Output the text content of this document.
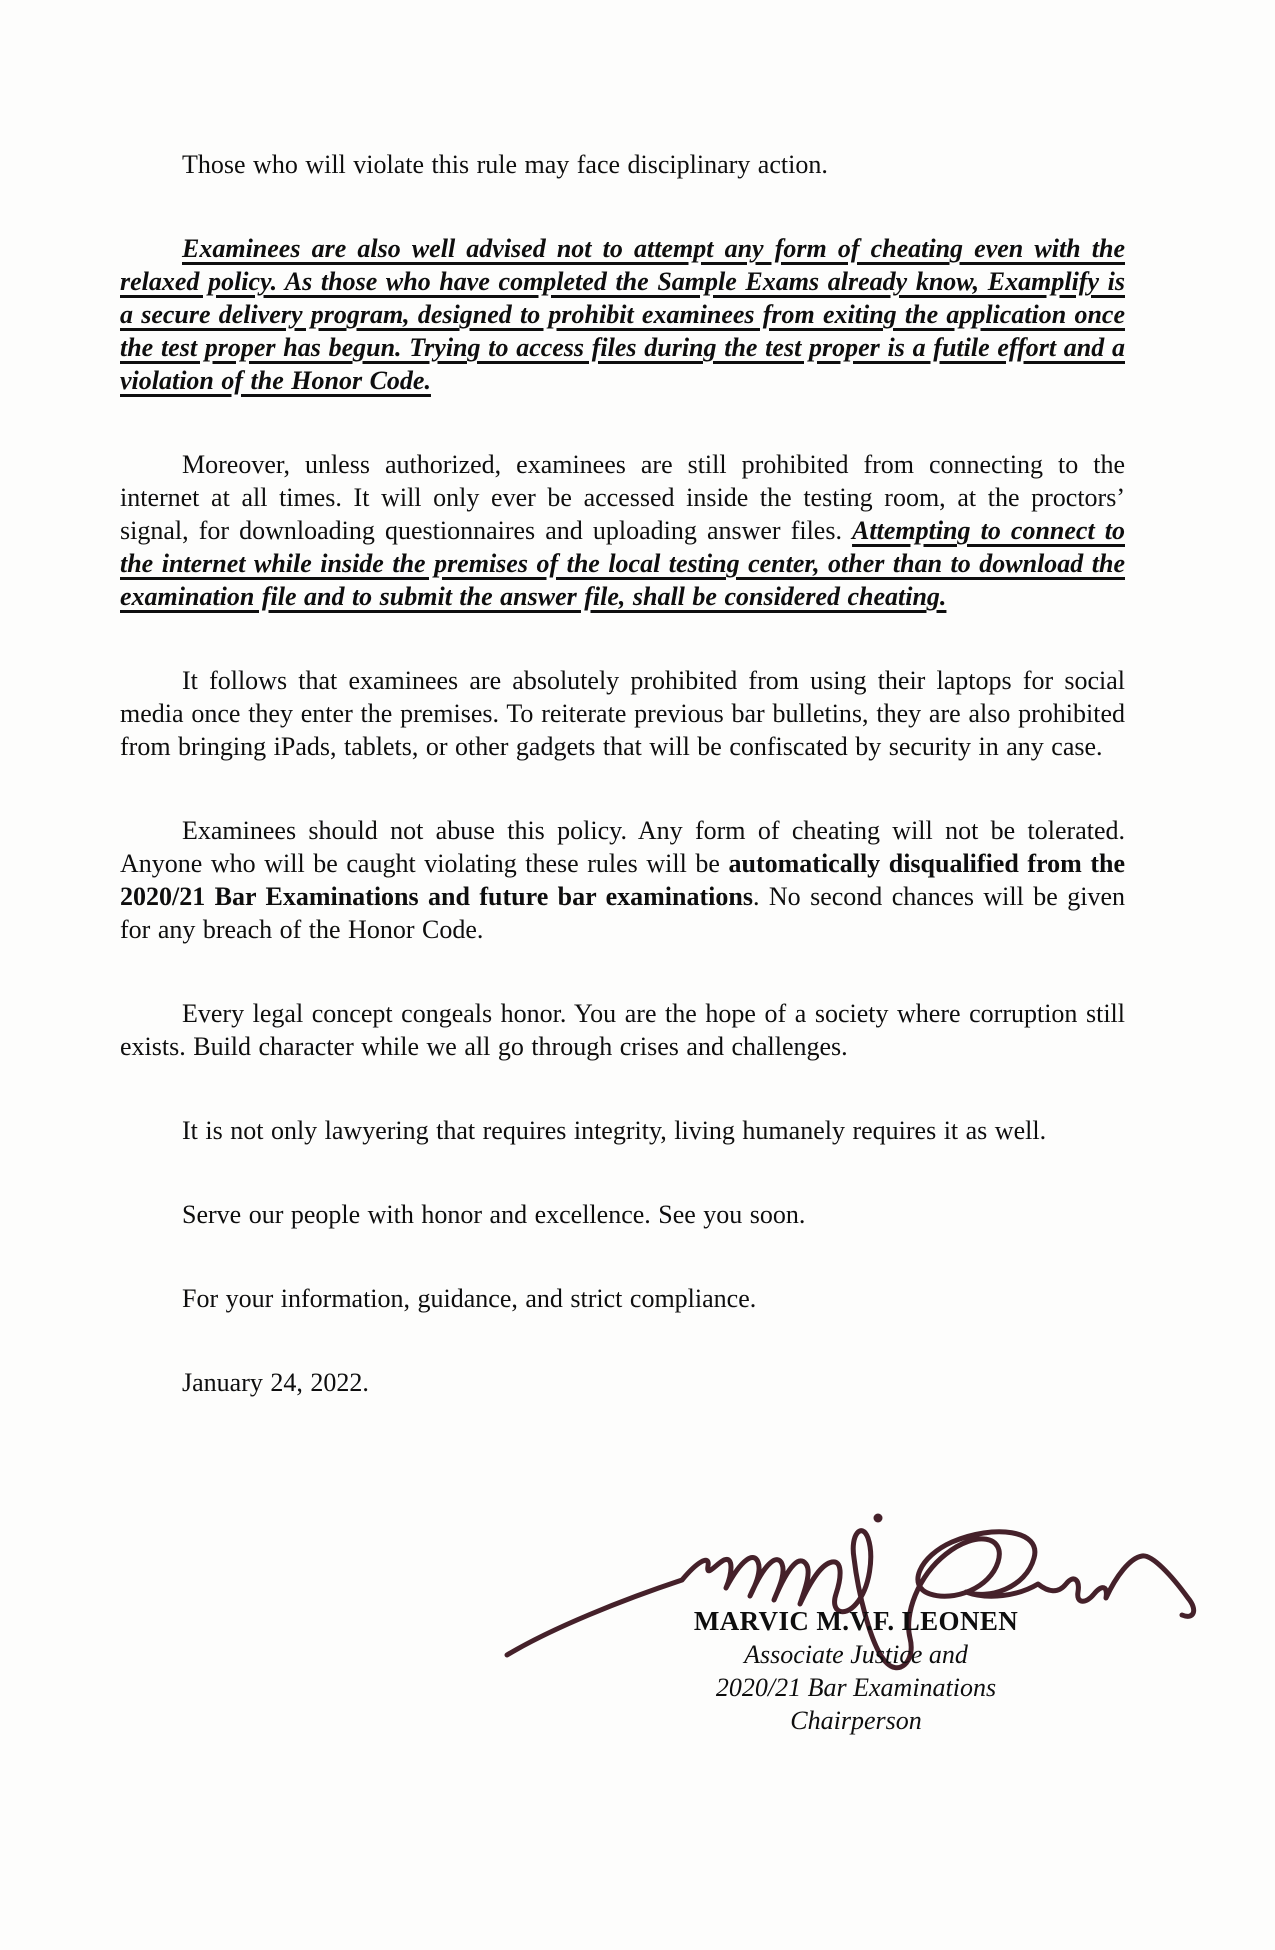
Those who will violate this rule may face disciplinary action.

Examinees are also well advised not to attempt any form of cheating even with the relaxed policy. As those who have completed the Sample Exams already know, Examplify is a secure delivery program, designed to prohibit examinees from exiting the application once the test proper has begun. Trying to access files during the test proper is a futile effort and a violation of the Honor Code.

Moreover, unless authorized, examinees are still prohibited from connecting to the internet at all times. It will only ever be accessed inside the testing room, at the proctors’ signal, for downloading questionnaires and uploading answer files. Attempting to connect to the internet while inside the premises of the local testing center, other than to download the examination file and to submit the answer file, shall be considered cheating.

It follows that examinees are absolutely prohibited from using their laptops for social media once they enter the premises. To reiterate previous bar bulletins, they are also prohibited from bringing iPads, tablets, or other gadgets that will be confiscated by security in any case.

Examinees should not abuse this policy. Any form of cheating will not be tolerated. Anyone who will be caught violating these rules will be automatically disqualified from the 2020/21 Bar Examinations and future bar examinations. No second chances will be given for any breach of the Honor Code.

Every legal concept congeals honor. You are the hope of a society where corruption still exists. Build character while we all go through crises and challenges.

It is not only lawyering that requires integrity, living humanely requires it as well.

Serve our people with honor and excellence. See you soon.

For your information, guidance, and strict compliance.

January 24, 2022.

MARVIC M.V.F. LEONEN
Associate Justice and
2020/21 Bar Examinations
Chairperson
